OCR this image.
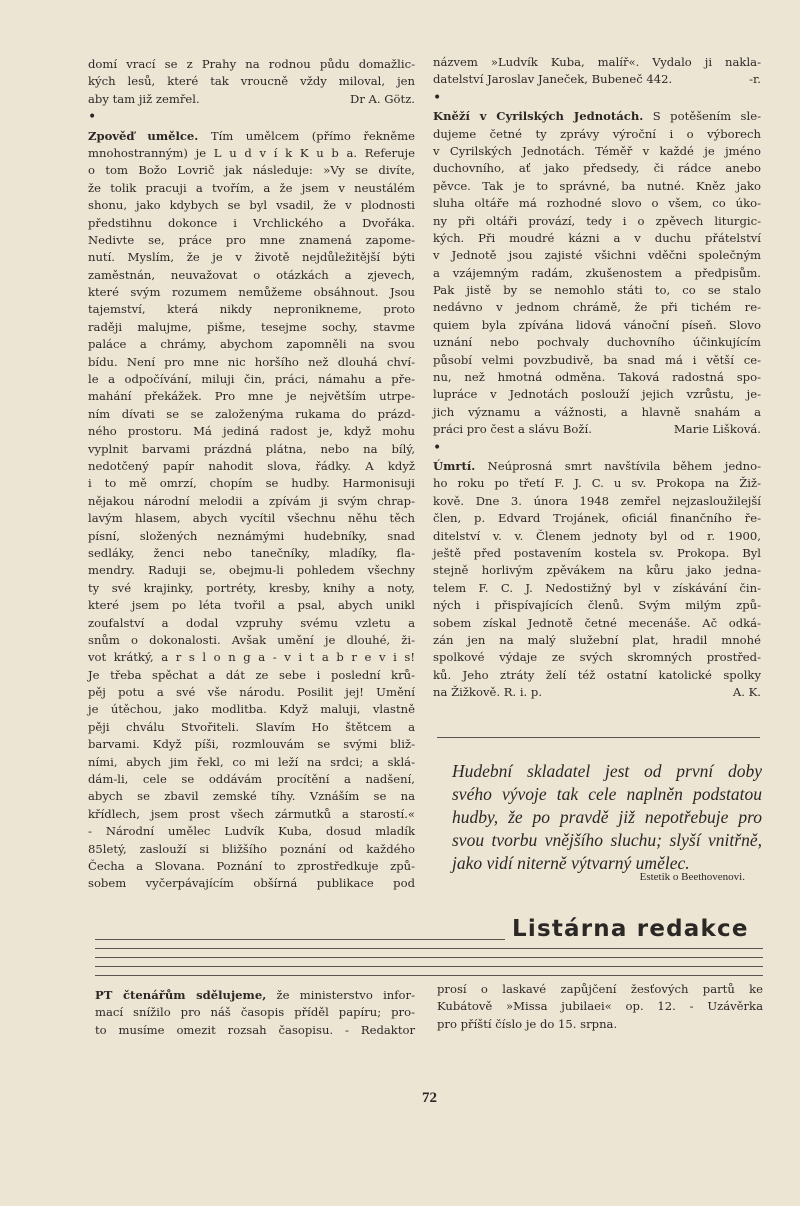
domí vrací se z Prahy na rodnou půdu domažlic-
kých lesů, které tak vroucně vždy miloval, jen
aby tam již zemřel.	Dr A. Götz.
•
Zpověď umělce. Tím umělcem (přímo řekněme
mnohostranným) je L u d v í k K u b a. Referuje
o tom Božo Lovrič jak následuje: »Vy se divíte,
že tolik pracuji a tvořím, a že jsem v neustálém
shonu, jako kdybych se byl vsadil, že v plodnosti
předstihnu dokonce i Vrchlického a Dvořáka.
Nedivte se, práce pro mne znamená zapome-
nutí. Myslím, že je v životě nejdůležitější býti
zaměstnán, neuvažovat o otázkách a zjevech,
které svým rozumem nemůžeme obsáhnout. Jsou
tajemství, která nikdy nepronikneme, proto
raději malujme, pišme, tesejme sochy, stavme
paláce a chrámy, abychom zapomněli na svou
bídu. Není pro mne nic horšího než dlouhá chví-
le a odpočívání, miluji čin, práci, námahu a pře-
mahání překážek. Pro mne je největším utrpe-
ním dívati se se založenýma rukama do prázd-
ného prostoru. Má jediná radost je, když mohu
vyplnit barvami prázdná plátna, nebo na bílý,
nedotčený papír nahodit slova, řádky. A když
i to mě omrzí, chopím se hudby. Harmonisuji
nějakou národní melodii a zpívám ji svým chrap-
lavým hlasem, abych vycítil všechnu něhu těch
písní, složených neznámými hudebníky, snad
sedláky, ženci nebo tanečníky, mladíky, fla-
mendry. Raduji se, obejmu-li pohledem všechny
ty své krajinky, portréty, kresby, knihy a noty,
které jsem po léta tvořil a psal, abych unikl
zoufalství a dodal vzpruhy svému vzletu a
snům o dokonalosti. Avšak umění je dlouhé, ži-
vot krátký, a r s l o n g a - v i t a b r e v i s!
Je třeba spěchat a dát ze sebe i poslední krů-
pěj potu a své vše národu. Posilit jej! Umění
je útěchou, jako modlitba. Když maluji, vlastně
pěji chválu Stvořiteli. Slavím Ho štětcem a
barvami. Když píši, rozmlouvám se svými bliž-
ními, abych jim řekl, co mi leží na srdci; a sklá-
dám-li, cele se oddávám procítění a nadšení,
abych se zbavil zemské tíhy. Vznáším se na
křídlech, jsem prost všech zármutků a starostí.«
- Národní umělec Ludvík Kuba, dosud mladík
85letý, zaslouží si bližšího poznání od každého
Čecha a Slovana. Poznání to zprostředkuje způ-
sobem vyčerpávajícím obšírná publikace pod
názvem »Ludvík Kuba, malíř«. Vydalo ji nakla-
datelství Jaroslav Janeček, Bubeneč 442.	-r.
•
Kněží v Cyrilských Jednotách. S potěšením sle-
dujeme četné ty zprávy výroční i o výborech
v Cyrilských Jednotách. Téměř v každé je jméno
duchovního, ať jako předsedy, či rádce anebo
pěvce. Tak je to správné, ba nutné. Kněz jako
sluha oltáře má rozhodné slovo o všem, co úko-
ny při oltáři provází, tedy i o zpěvech liturgic-
kých. Při moudré kázni a v duchu přátelství
v Jednotě jsou zajisté všichni vděčni společným
a vzájemným radám, zkušenostem a předpisům.
Pak jistě by se nemohlo státi to, co se stalo
nedávno v jednom chrámě, že při tichém re-
quiem byla zpívána lidová vánoční píseň. Slovo
uznání nebo pochvaly duchovního účinkujícím
působí velmi povzbudivě, ba snad má i větší ce-
nu, než hmotná odměna. Taková radostná spo-
lupráce v Jednotách poslouží jejich vzrůstu, je-
jich významu a vážnosti, a hlavně snahám a
práci pro čest a slávu Boží.	Marie Lišková.
•
Úmrtí. Neúprosná smrt navštívila během jedno-
ho roku po třetí F. J. C. u sv. Prokopa na Žiž-
kově. Dne 3. února 1948 zemřel nejzasloužilejší
člen, p. Edvard Trojánek, oficiál finančního ře-
ditelství v. v. Členem jednoty byl od r. 1900,
ještě před postavením kostela sv. Prokopa. Byl
stejně horlivým zpěvákem na kůru jako jedna-
telem F. C. J. Nedostižný byl v získávání čin-
ných i přispívajících členů. Svým milým způ-
sobem získal Jednotě četné mecenáše. Ač odká-
zán jen na malý služební plat, hradil mnohé
spolkové výdaje ze svých skromných prostřed-
ků. Jeho ztráty želí též ostatní katolické spolky
na Žižkově. R. i. p.	A. K.
Hudební skladatel jest od první doby
svého vývoje tak cele naplněn podstatou
hudby, že po pravdě již nepotřebuje pro
svou tvorbu vnějšího sluchu; slyší vnitřně,
jako vidí niterně výtvarný umělec.
Estetik o Beethovenovi.
Listárna redakce
PT čtenářům sdělujeme, že ministerstvo infor-
mací snížilo pro náš časopis příděl papíru; pro-
to musíme omezit rozsah časopisu. - Redaktor
prosí o laskavé zapůjčení žesťových partů ke
Kubátově »Missa jubilaei« op. 12. - Uzávěrka
pro příští číslo je do 15. srpna.
72
